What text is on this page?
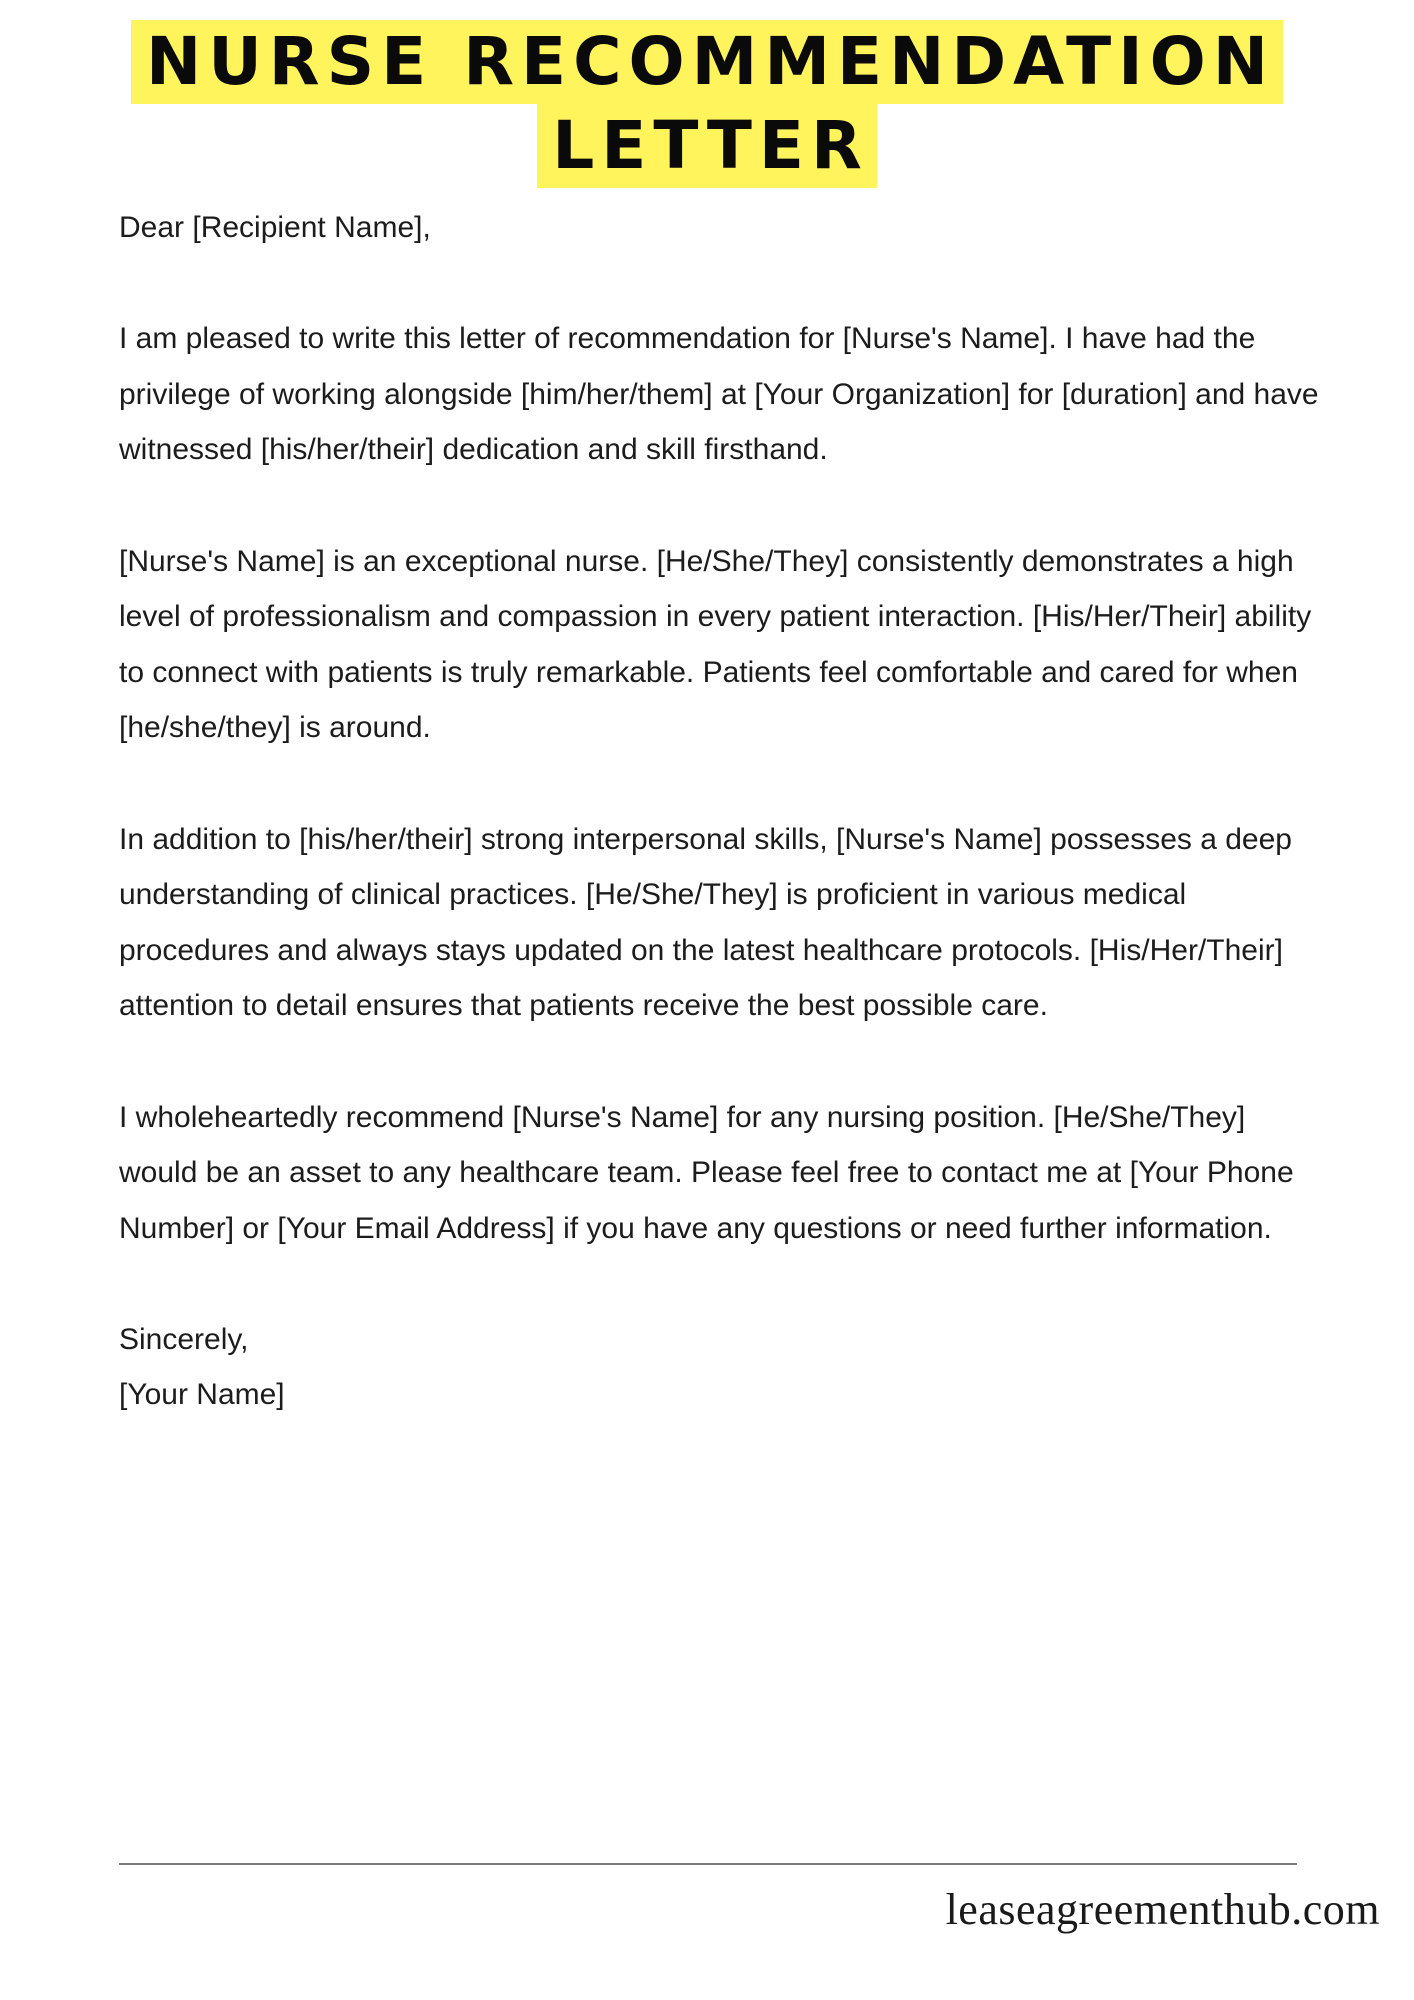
NURSE RECOMMENDATION
LETTER

Dear [Recipient Name],

I am pleased to write this letter of recommendation for [Nurse's Name]. I have had the privilege of working alongside [him/her/them] at [Your Organization] for [duration] and have witnessed [his/her/their] dedication and skill firsthand.

[Nurse's Name] is an exceptional nurse. [He/She/They] consistently demonstrates a high level of professionalism and compassion in every patient interaction. [His/Her/Their] ability to connect with patients is truly remarkable. Patients feel comfortable and cared for when [he/she/they] is around.

In addition to [his/her/their] strong interpersonal skills, [Nurse's Name] possesses a deep understanding of clinical practices. [He/She/They] is proficient in various medical procedures and always stays updated on the latest healthcare protocols. [His/Her/Their] attention to detail ensures that patients receive the best possible care.

I wholeheartedly recommend [Nurse's Name] for any nursing position. [He/She/They] would be an asset to any healthcare team. Please feel free to contact me at [Your Phone Number] or [Your Email Address] if you have any questions or need further information.

Sincerely,

[Your Name]

leaseagreementhub.com
